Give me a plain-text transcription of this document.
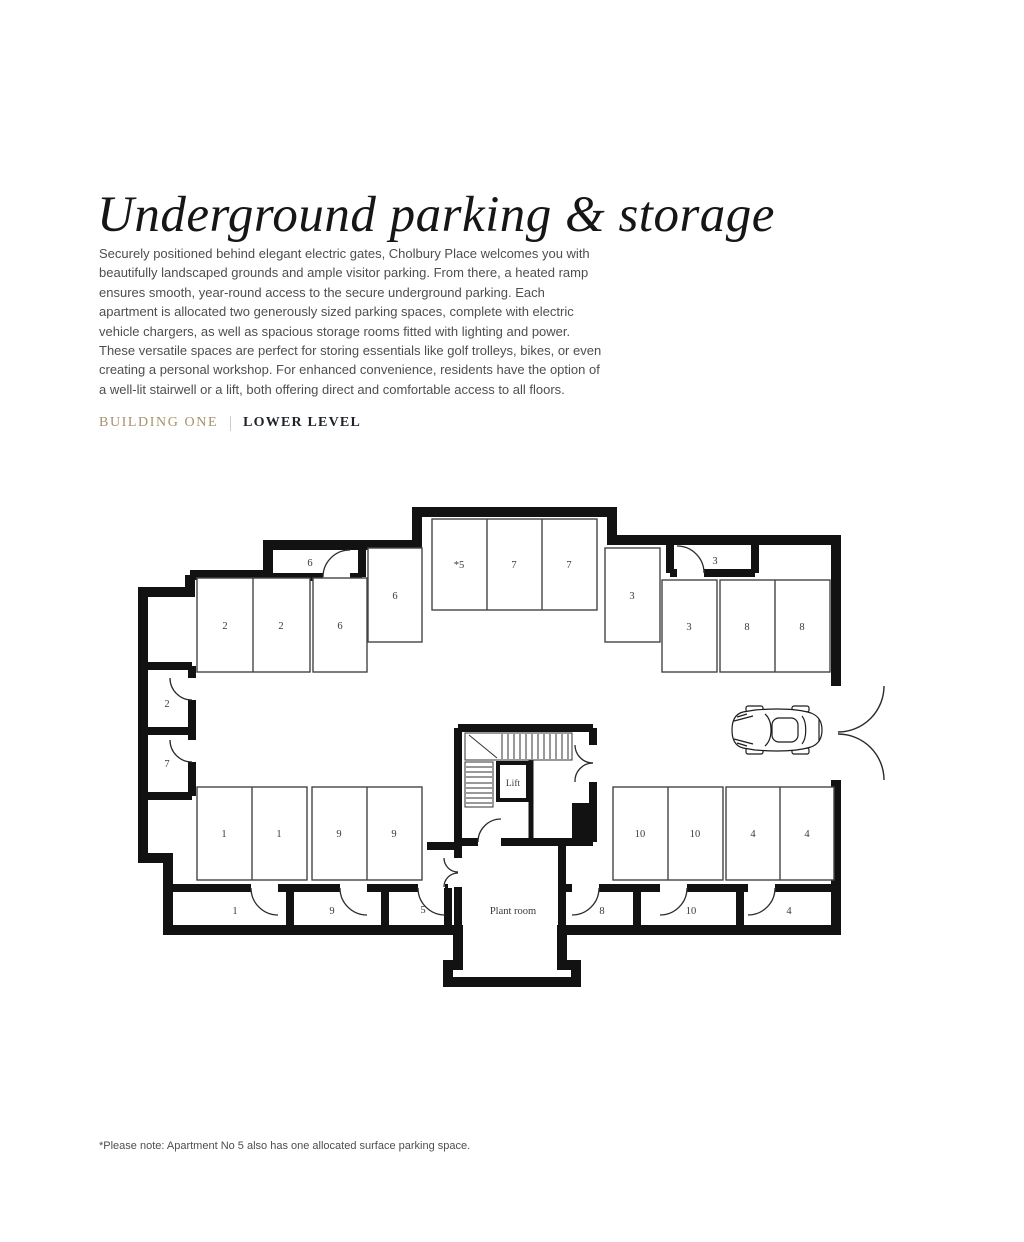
Underground parking & storage

Securely positioned behind elegant electric gates, Cholbury Place welcomes you with beautifully landscaped grounds and ample visitor parking. From there, a heated ramp ensures smooth, year-round access to the secure underground parking. Each apartment is allocated two generously sized parking spaces, complete with electric vehicle chargers, as well as spacious storage rooms fitted with lighting and power. These versatile spaces are perfect for storing essentials like golf trolleys, bikes, or even creating a personal workshop. For enhanced convenience, residents have the option of a well-lit stairwell or a lift, both offering direct and comfortable access to all floors.

BUILDING ONE LOWER LEVEL
Lift
2	2	6
6
*5	7	7
3
3	8	8
1	1	9	9	10	10	4	4
6	3
2
7
1	9	5	8	10	4
Plant room

*Please note: Apartment No 5 also has one allocated surface parking space.
